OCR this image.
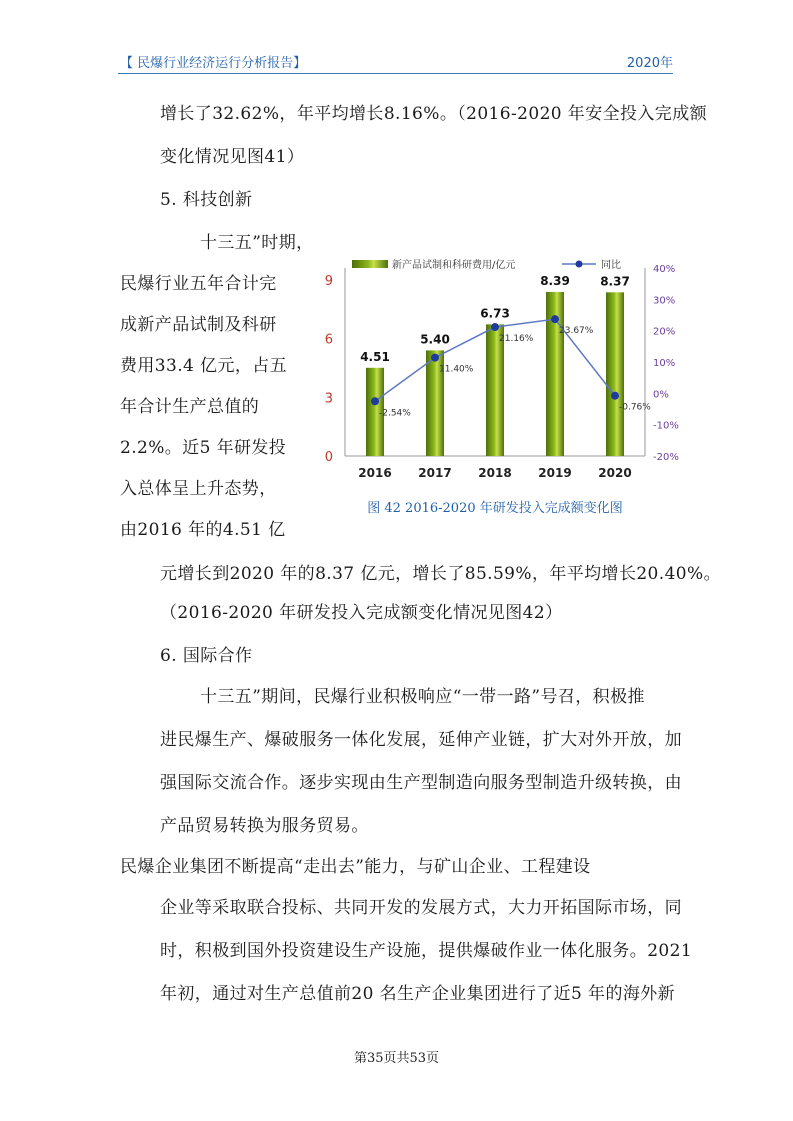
【 民爆行业经济运行分析报告】	2020年
增长了32.62%，年平均增长8.16%。（2016-2020 年安全投入完成额
变化情况见图41）
5. 科技创新
十三五”时期，
民爆行业五年合计完
成新产品试制及科研
费用33.4 亿元，占五
年合计生产总值的
2.2%。近5 年研发投
入总体呈上升态势，
由2016 年的4.51 亿
元增长到2020 年的8.37 亿元，增长了85.59%，年平均增长20.40%。
（2016-2020 年研发投入完成额变化情况见图42）
6. 国际合作
十三五”期间，民爆行业积极响应“一带一路”号召，积极推
进民爆生产、爆破服务一体化发展，延伸产业链，扩大对外开放，加
强国际交流合作。逐步实现由生产型制造向服务型制造升级转换，由
产品贸易转换为服务贸易。
民爆企业集团不断提高“走出去”能力，与矿山企业、工程建设
企业等采取联合投标、共同开发的发展方式，大力开拓国际市场，同
时，积极到国外投资建设生产设施，提供爆破作业一体化服务。2021
年初，通过对生产总值前20 名生产企业集团进行了近5 年的海外新
0
3
6
9
-20%
-10%
0%
10%
20%
30%
40%
4.51
5.40
6.73
8.39	8.37
2016 2017 2018 2019 2020
-2.54%
11.40%
21.16%
23.67%
-0.76%
新产品试制和科研费用/亿元	同比
图 42 2016-2020 年研发投入完成额变化图
第35页共53页
